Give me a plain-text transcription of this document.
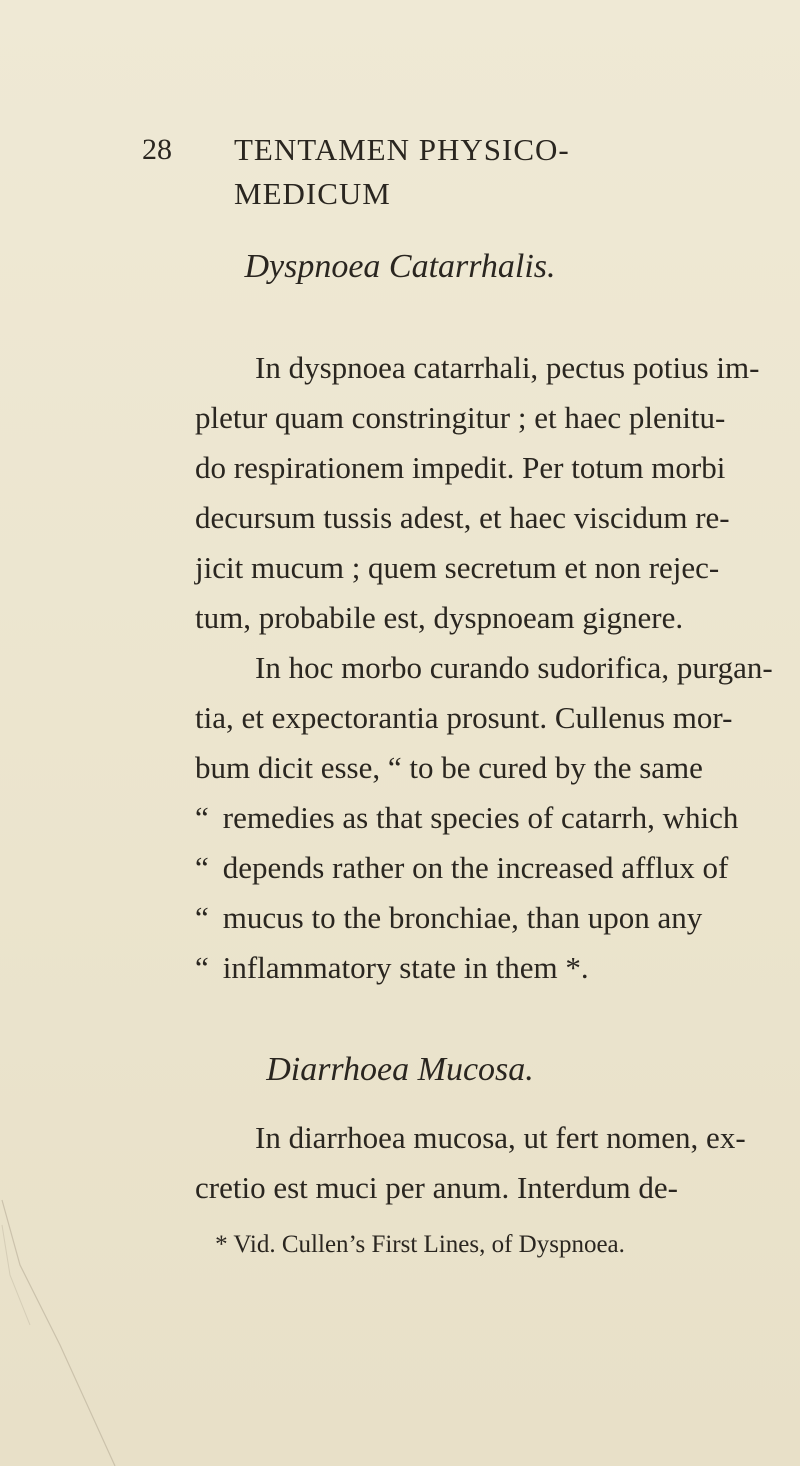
28 TENTAMEN PHYSICO-MEDICUM
Dyspnoea Catarrhalis.
In dyspnoea catarrhali, pectus potius im-
pletur quam constringitur ; et haec plenitu-
do respirationem impedit. Per totum morbi
decursum tussis adest, et haec viscidum re-
jicit mucum ; quem secretum et non rejec-
tum, probabile est, dyspnoeam gignere.
In hoc morbo curando sudorifica, purgan-
tia, et expectorantia prosunt. Cullenus mor-
bum dicit esse, “ to be cured by the same
“ remedies as that species of catarrh, which
“ depends rather on the increased afflux of
“ mucus to the bronchiae, than upon any
“ inflammatory state in them *.
Diarrhoea Mucosa.
In diarrhoea mucosa, ut fert nomen, ex-
cretio est muci per anum. Interdum de-
* Vid. Cullen’s First Lines, of Dyspnoea.
